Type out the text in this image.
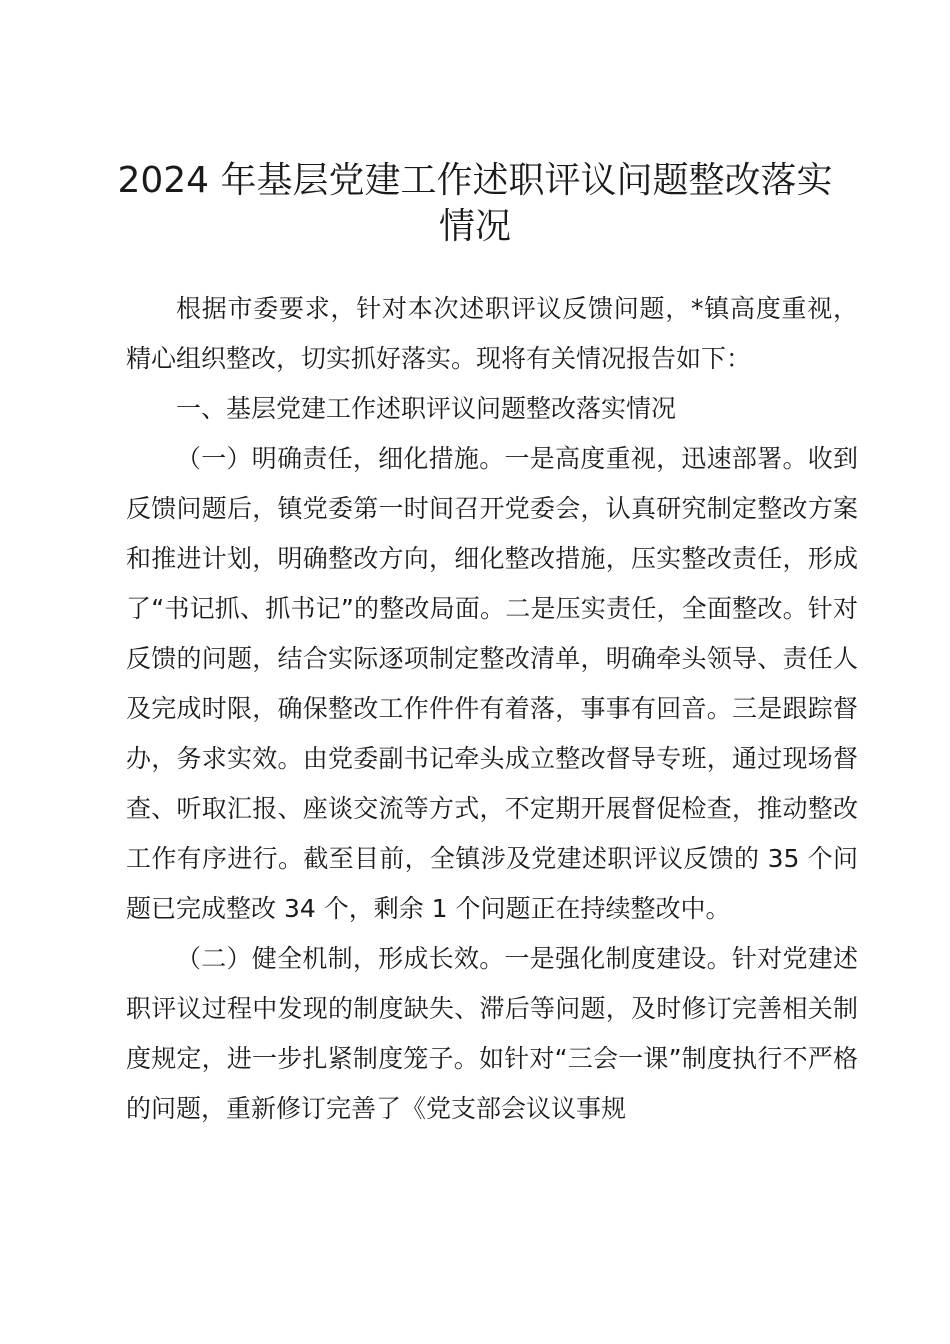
2024 年基层党建工作述职评议问题整改落实
情况

根据市委要求，针对本次述职评议反馈问题，*镇高度重视，精心组织整改，切实抓好落实。现将有关情况报告如下：

一、基层党建工作述职评议问题整改落实情况

（一）明确责任，细化措施。一是高度重视，迅速部署。收到反馈问题后，镇党委第一时间召开党委会，认真研究制定整改方案和推进计划，明确整改方向，细化整改措施，压实整改责任，形成了“书记抓、抓书记”的整改局面。二是压实责任，全面整改。针对反馈的问题，结合实际逐项制定整改清单，明确牵头领导、责任人及完成时限，确保整改工作件件有着落，事事有回音。三是跟踪督办，务求实效。由党委副书记牵头成立整改督导专班，通过现场督查、听取汇报、座谈交流等方式，不定期开展督促检查，推动整改工作有序进行。截至目前，全镇涉及党建述职评议反馈的 35 个问题已完成整改 34 个，剩余 1 个问题正在持续整改中。

（二）健全机制，形成长效。一是强化制度建设。针对党建述职评议过程中发现的制度缺失、滞后等问题，及时修订完善相关制度规定，进一步扎紧制度笼子。如针对“三会一课”制度执行不严格的问题，重新修订完善了《党支部会议议事规
